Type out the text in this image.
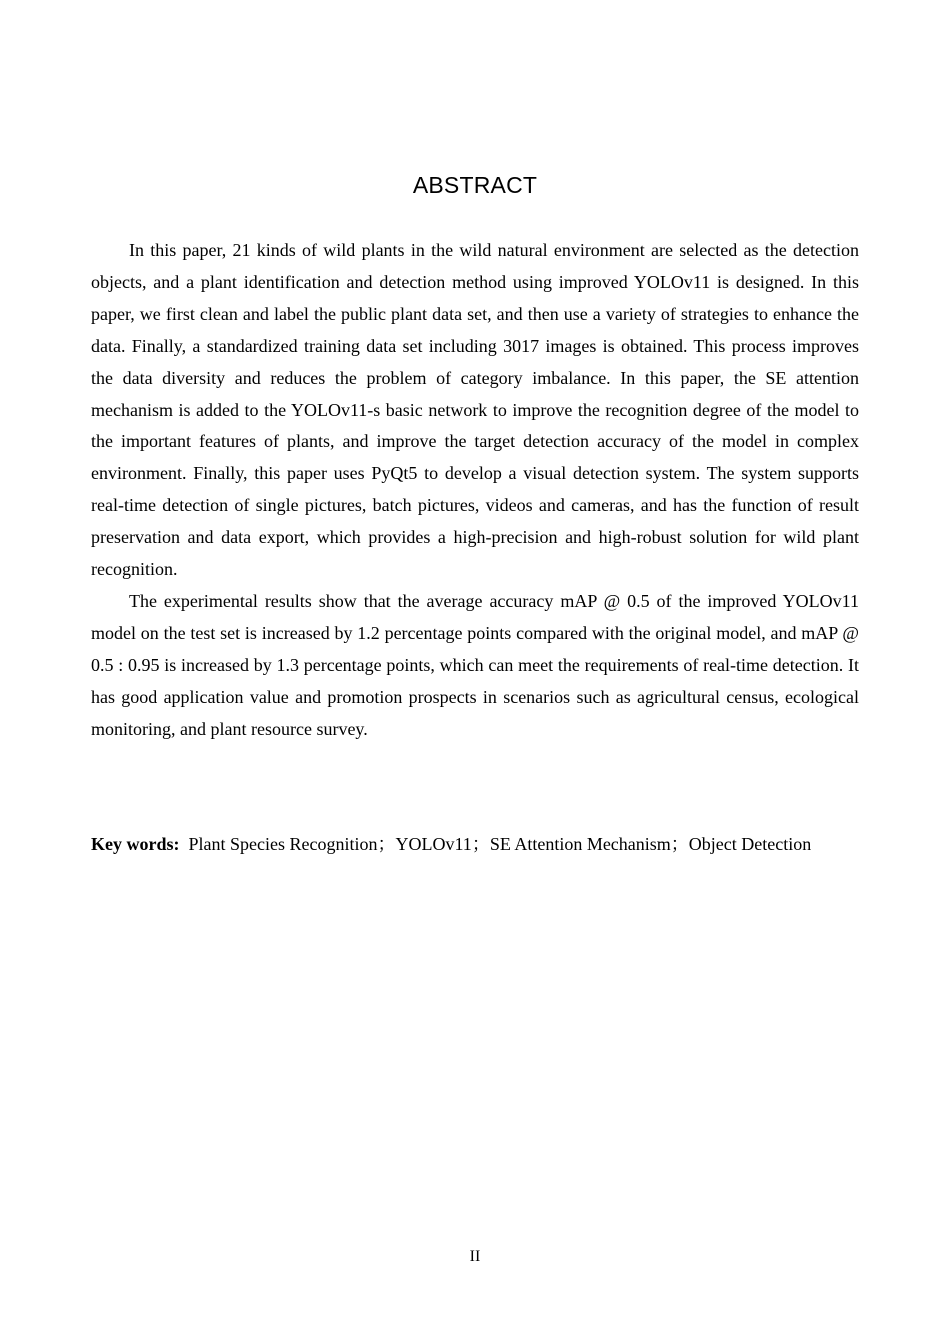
ABSTRACT

In this paper, 21 kinds of wild plants in the wild natural environment are selected as the detection objects, and a plant identification and detection method using improved YOLOv11 is designed. In this paper, we first clean and label the public plant data set, and then use a variety of strategies to enhance the data. Finally, a standardized training data set including 3017 images is obtained. This process improves the data diversity and reduces the problem of category imbalance. In this paper, the SE attention mechanism is added to the YOLOv11-s basic network to improve the recognition degree of the model to the important features of plants, and improve the target detection accuracy of the model in complex environment. Finally, this paper uses PyQt5 to develop a visual detection system. The system supports real-time detection of single pictures, batch pictures, videos and cameras, and has the function of result preservation and data export, which provides a high-precision and high-robust solution for wild plant recognition.

The experimental results show that the average accuracy mAP @ 0.5 of the improved YOLOv11 model on the test set is increased by 1.2 percentage points compared with the original model, and mAP @ 0.5 : 0.95 is increased by 1.3 percentage points, which can meet the requirements of real-time detection. It has good application value and promotion prospects in scenarios such as agricultural census, ecological monitoring, and plant resource survey.

Key words: Plant Species Recognition；YOLOv11；SE Attention Mechanism；Object Detection
II
